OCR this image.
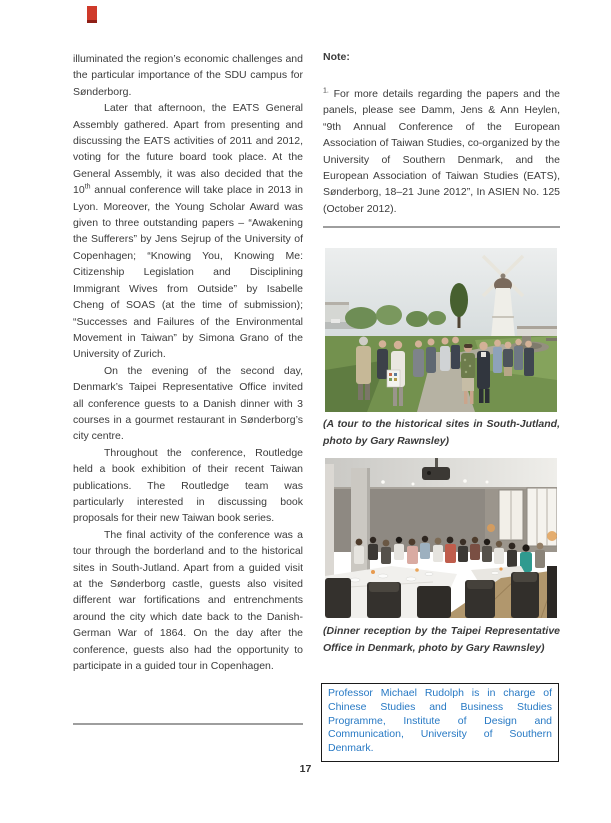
illuminated the region’s economic challenges and the particular importance of the SDU campus for Sønderborg.

Later that afternoon, the EATS General Assembly gathered. Apart from presenting and discussing the EATS activities of 2011 and 2012, voting for the future board took place. At the General Assembly, it was also decided that the 10th annual conference will take place in 2013 in Lyon. Moreover, the Young Scholar Award was given to three outstanding papers – “Awakening the Sufferers” by Jens Sejrup of the University of Copenhagen; “Knowing You, Knowing Me: Citizenship Legislation and Disciplining Immigrant Wives from Outside” by Isabelle Cheng of SOAS (at the time of submission); “Successes and Failures of the Environmental Movement in Taiwan” by Simona Grano of the University of Zurich.

On the evening of the second day, Denmark’s Taipei Representative Office invited all conference guests to a Danish dinner with 3 courses in a gourmet restaurant in Sønderborg’s city centre.

Throughout the conference, Routledge held a book exhibition of their recent Taiwan publications. The Routledge team was particularly interested in discussing book proposals for their new Taiwan book series.

The final activity of the conference was a tour through the borderland and to the historical sites in South-Jutland. Apart from a guided visit at the Sønderborg castle, guests also visited different war fortifications and entrenchments around the city which date back to the Danish-German War of 1864. On the day after the conference, guests also had the opportunity to participate in a guided tour in Copenhagen.

Note:
$^{1.}$ For more details regarding the papers and the panels, please see Damm, Jens & Ann Heylen, “9th Annual Conference of the European Association of Taiwan Studies, co-organized by the University of Southern Denmark, and the European Association of Taiwan Studies (EATS), Sønderborg, 18–21 June 2012”, In ASIEN No. 125 (October 2012).
(A tour to the historical sites in South-Jutland, photo by Gary Rawnsley)
(Dinner reception by the Taipei Representative Office in Denmark, photo by Gary Rawnsley)
Professor Michael Rudolph is in charge of Chinese Studies and Business Studies Programme, Institute of Design and Communication, University of Southern Denmark.
17
